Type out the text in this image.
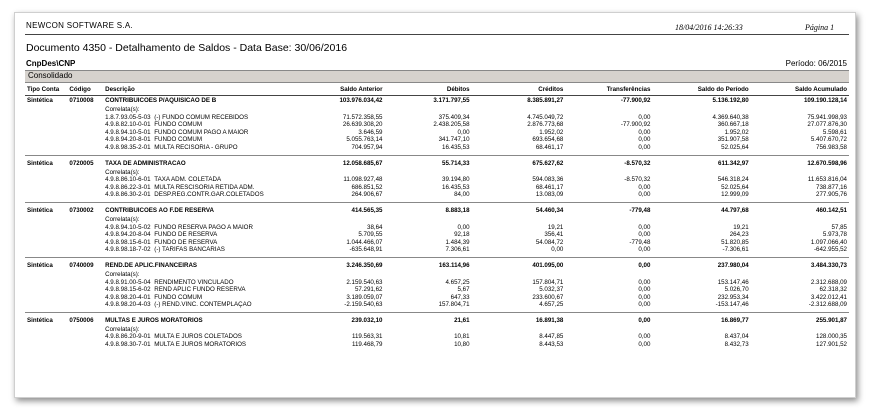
NEWCON SOFTWARE S.A.	18/04/2016 14:26:33	Página 1
Documento 4350 - Detalhamento de Saldos - Data Base: 30/06/2016
CnpDes\CNP	Período: 06/2015
Consolidado
Tipo Conta	Código	Descrição		Saldo Anterior	Débitos	Créditos	Transferências	Saldo do Período	Saldo Acumulado
Sintética	0710008	CONTRIBUICOES P/AQUISICAO DE B		103.976.034,42	3.171.797,55	8.385.891,27	-77.900,92	5.136.192,80	109.190.128,14
		Correlata(s):							
		1.8.7.93.05-5-03	(-) FUNDO COMUM RECEBIDOS	71.572.358,55	375.409,34	4.745.049,72	0,00	4.369.640,38	75.941.998,93
		4.9.8.82.10-0-01	FUNDO COMUM	26.639.308,20	2.438.205,58	2.876.773,68	-77.900,92	360.667,18	27.077.876,30
		4.9.8.94.10-5-01	FUNDO COMUM PAGO A MAIOR	3.646,59	0,00	1.952,02	0,00	1.952,02	5.598,61
		4.9.8.94.20-8-01	FUNDO COMUM	5.055.763,14	341.747,10	693.654,68	0,00	351.907,58	5.407.670,72
		4.9.8.98.35-2-01	MULTA RECISÓRIA - GRUPO	704.957,94	16.435,53	68.461,17	0,00	52.025,64	756.983,58

Sintética	0720005	TAXA DE ADMINISTRACAO		12.058.685,67	55.714,33	675.627,62	-8.570,32	611.342,97	12.670.598,96
		Correlata(s):							
		4.9.8.86.10-6-01	TAXA ADM. COLETADA	11.098.927,48	39.194,80	594.083,36	-8.570,32	546.318,24	11.653.816,04
		4.9.8.86.22-3-01	MULTA RESCISÓRIA RETIDA ADM.	686.851,52	16.435,53	68.461,17	0,00	52.025,64	738.877,16
		4.9.8.86.30-2-01	DESP.REG.CONTR.GAR.COLETADOS	264.906,67	84,00	13.083,09	0,00	12.999,09	277.905,76

Sintética	0730002	CONTRIBUICOES AO F.DE RESERVA		414.565,35	8.883,18	54.460,34	-779,48	44.797,68	460.142,51
		Correlata(s):							
		4.9.8.94.10-5-02	FUNDO RESERVA PAGO A MAIOR	38,64	0,00	19,21	0,00	19,21	57,85
		4.9.8.94.20-8-04	FUNDO DE RESERVA	5.709,55	92,18	356,41	0,00	264,23	5.973,78
		4.9.8.98.15-6-01	FUNDO DE RESERVA	1.044.466,07	1.484,39	54.084,72	-779,48	51.820,85	1.097.066,40
		4.9.8.98.18-7-02	(-) TARIFAS BANCÁRIAS	-635.648,91	7.306,61	0,00	0,00	-7.306,61	-642.955,52

Sintética	0740009	REND.DE APLIC.FINANCEIRAS		3.246.350,69	163.114,96	401.095,00	0,00	237.980,04	3.484.330,73
		Correlata(s):							
		4.9.8.91.00-5-04	RENDIMENTO VINCULADO	2.159.540,63	4.657,25	157.804,71	0,00	153.147,46	2.312.688,09
		4.9.8.98.15-6-02	REND APLIC FUNDO RESERVA	57.291,62	5,67	5.032,37	0,00	5.026,70	62.318,32
		4.9.8.98.20-4-01	FUNDO COMUM	3.189.059,07	647,33	233.600,67	0,00	232.953,34	3.422.012,41
		4.9.8.98.20-4-03	(-) REND.VINC. CONTEMPLAÇÃO	-2.159.540,63	157.804,71	4.657,25	0,00	-153.147,46	-2.312.688,09

Sintética	0750006	MULTAS E JUROS MORATORIOS		239.032,10	21,61	16.891,38	0,00	16.869,77	255.901,87
		Correlata(s):							
		4.9.8.86.20-9-01	MULTA E JUROS COLETADOS	119.563,31	10,81	8.447,85	0,00	8.437,04	128.000,35
		4.9.8.98.30-7-01	MULTA E JUROS MORATÓRIOS	119.468,79	10,80	8.443,53	0,00	8.432,73	127.901,52
